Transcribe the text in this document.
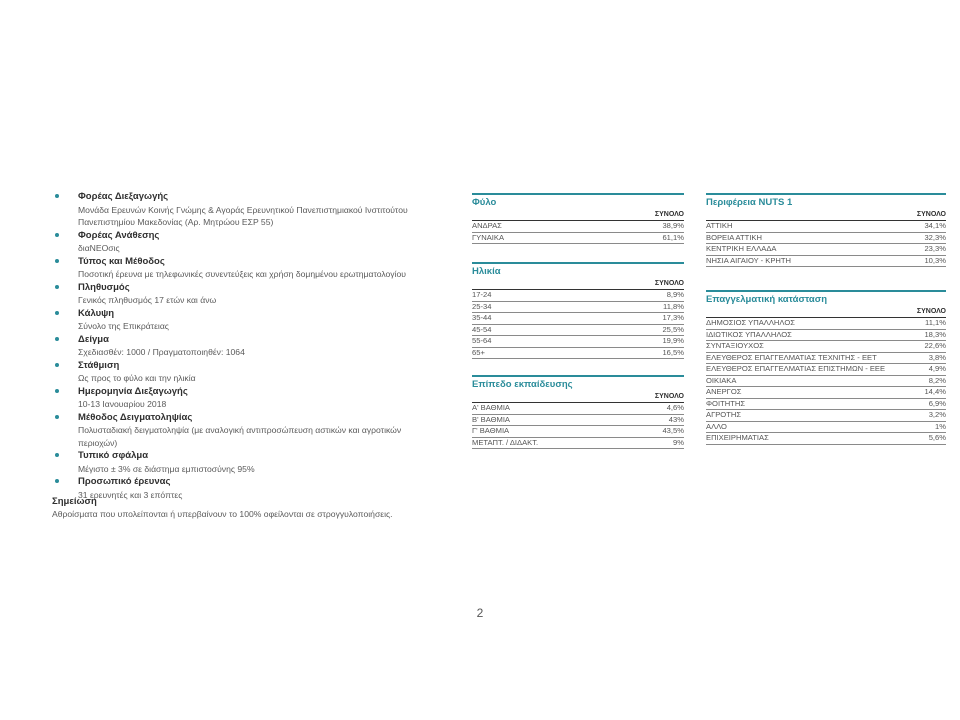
Φορέας Διεξαγωγής
Μονάδα Ερευνών Κοινής Γνώμης & Αγοράς Ερευνητικού Πανεπιστημιακού Ινστιτούτου
Πανεπιστημίου Μακεδονίας (Αρ. Μητρώου ΕΣΡ 55)
Φορέας Ανάθεσης
διαΝΕΟσις
Τύπος και Μέθοδος
Ποσοτική έρευνα με τηλεφωνικές συνεντεύξεις και χρήση δομημένου ερωτηματολογίου
Πληθυσμός
Γενικός πληθυσμός 17 ετών και άνω
Κάλυψη
Σύνολο της Επικράτειας
Δείγμα
Σχεδιασθέν: 1000 / Πραγματοποιηθέν: 1064
Στάθμιση
Ως προς το φύλο και την ηλικία
Ημερομηνία Διεξαγωγής
10-13 Ιανουαρίου 2018
Μέθοδος Δειγματοληψίας
Πολυσταδιακή δειγματοληψία (με αναλογική αντιπροσώπευση αστικών και αγροτικών περιοχών)
Τυπικό σφάλμα
Μέγιστο ± 3% σε διάστημα εμπιστοσύνης 95%
Προσωπικό έρευνας
31 ερευνητές και 3 επόπτες
Σημείωση
Αθροίσματα που υπολείπονται ή υπερβαίνουν το 100% οφείλονται σε στρογγυλοποιήσεις.
Φύλο
ΣΥΝΟΛΟ
ΑΝΔΡΑΣ	38,9%
ΓΥΝΑΙΚΑ	61,1%
Ηλικία
ΣΥΝΟΛΟ
17-24	8,9%
25-34	11,8%
35-44	17,3%
45-54	25,5%
55-64	19,9%
65+	16,5%
Επίπεδο εκπαίδευσης
ΣΥΝΟΛΟ
Α' ΒΑΘΜΙΑ	4,6%
Β' ΒΑΘΜΙΑ	43%
Γ' ΒΑΘΜΙΑ	43,5%
ΜΕΤΑΠΤ. / ΔΙΔΑΚΤ.	9%
Περιφέρεια NUTS 1
ΣΥΝΟΛΟ
ΑΤΤΙΚΗ	34,1%
ΒΟΡΕΙΑ ΑΤΤΙΚΗ	32,3%
ΚΕΝΤΡΙΚΗ ΕΛΛΑΔΑ	23,3%
ΝΗΣΙΑ ΑΙΓΑΙΟΥ - ΚΡΗΤΗ	10,3%
Επαγγελματική κατάσταση
ΣΥΝΟΛΟ
ΔΗΜΟΣΙΟΣ ΥΠΑΛΛΗΛΟΣ	11,1%
ΙΔΙΩΤΙΚΟΣ ΥΠΑΛΛΗΛΟΣ	18,3%
ΣΥΝΤΑΞΙΟΥΧΟΣ	22,6%
ΕΛΕΥΘΕΡΟΣ ΕΠΑΓΓΕΛΜΑΤΙΑΣ ΤΕΧΝΙΤΗΣ - ΕΕΤ	3,8%
ΕΛΕΥΘΕΡΟΣ ΕΠΑΓΓΕΛΜΑΤΙΑΣ ΕΠΙΣΤΗΜΩΝ - ΕΕΕ	4,9%
ΟΙΚΙΑΚΑ	8,2%
ΑΝΕΡΓΟΣ	14,4%
ΦΟΙΤΗΤΗΣ	6,9%
ΑΓΡΟΤΗΣ	3,2%
ΑΛΛΟ	1%
ΕΠΙΧΕΙΡΗΜΑΤΙΑΣ	5,6%
2
